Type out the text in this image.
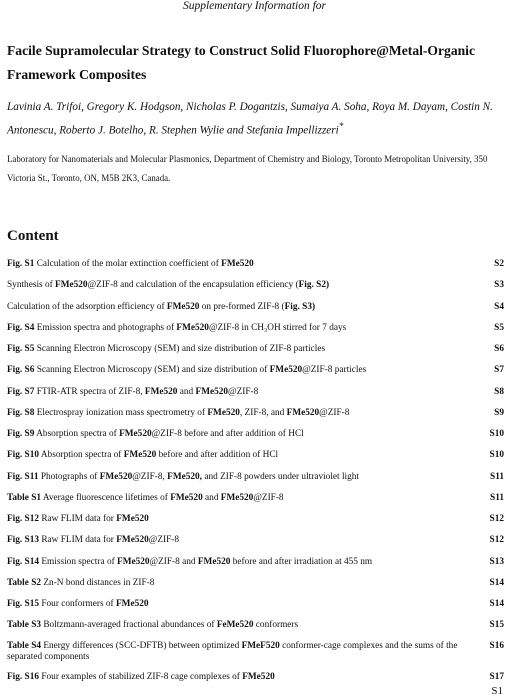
Supplementary Information for
Facile Supramolecular Strategy to Construct Solid Fluorophore@Metal-Organic Framework Composites
Lavinia A. Trifoi, Gregory K. Hodgson, Nicholas P. Dogantzis, Sumaiya A. Soha, Roya M. Dayam, Costin N. Antonescu, Roberto J. Botelho, R. Stephen Wylie and Stefania Impellizzeri*
Laboratory for Nanomaterials and Molecular Plasmonics, Department of Chemistry and Biology, Toronto Metropolitan University, 350 Victoria St., Toronto, ON, M5B 2K3, Canada.
Content
Fig. S1 Calculation of the molar extinction coefficient of FMe520	S2
Synthesis of FMe520@ZIF-8 and calculation of the encapsulation efficiency (Fig. S2)	S3
Calculation of the adsorption efficiency of FMe520 on pre-formed ZIF-8 (Fig. S3)	S4
Fig. S4 Emission spectra and photographs of FMe520@ZIF-8 in CH₃OH stirred for 7 days	S5
Fig. S5 Scanning Electron Microscopy (SEM) and size distribution of ZIF-8 particles	S6
Fig. S6 Scanning Electron Microscopy (SEM) and size distribution of FMe520@ZIF-8 particles	S7
Fig. S7 FTIR-ATR spectra of ZIF-8, FMe520 and FMe520@ZIF-8	S8
Fig. S8 Electrospray ionization mass spectrometry of FMe520, ZIF-8, and FMe520@ZIF-8	S9
Fig. S9 Absorption spectra of FMe520@ZIF-8 before and after addition of HCl	S10
Fig. S10 Absorption spectra of FMe520 before and after addition of HCl	S10
Fig. S11 Photographs of FMe520@ZIF-8, FMe520, and ZIF-8 powders under ultraviolet light	S11
Table S1 Average fluorescence lifetimes of FMe520 and FMe520@ZIF-8	S11
Fig. S12 Raw FLIM data for FMe520	S12
Fig. S13 Raw FLIM data for FMe520@ZIF-8	S12
Fig. S14 Emission spectra of FMe520@ZIF-8 and FMe520 before and after irradiation at 455 nm	S13
Table S2 Zn-N bond distances in ZIF-8	S14
Fig. S15 Four conformers of FMe520	S14
Table S3 Boltzmann-averaged fractional abundances of FeMe520 conformers	S15
Table S4 Energy differences (SCC-DFTB) between optimized FMeF520 conformer-cage complexes and the sums of the separated components
S16
Fig. S16 Four examples of stabilized ZIF-8 cage complexes of FMe520	S17
S1
